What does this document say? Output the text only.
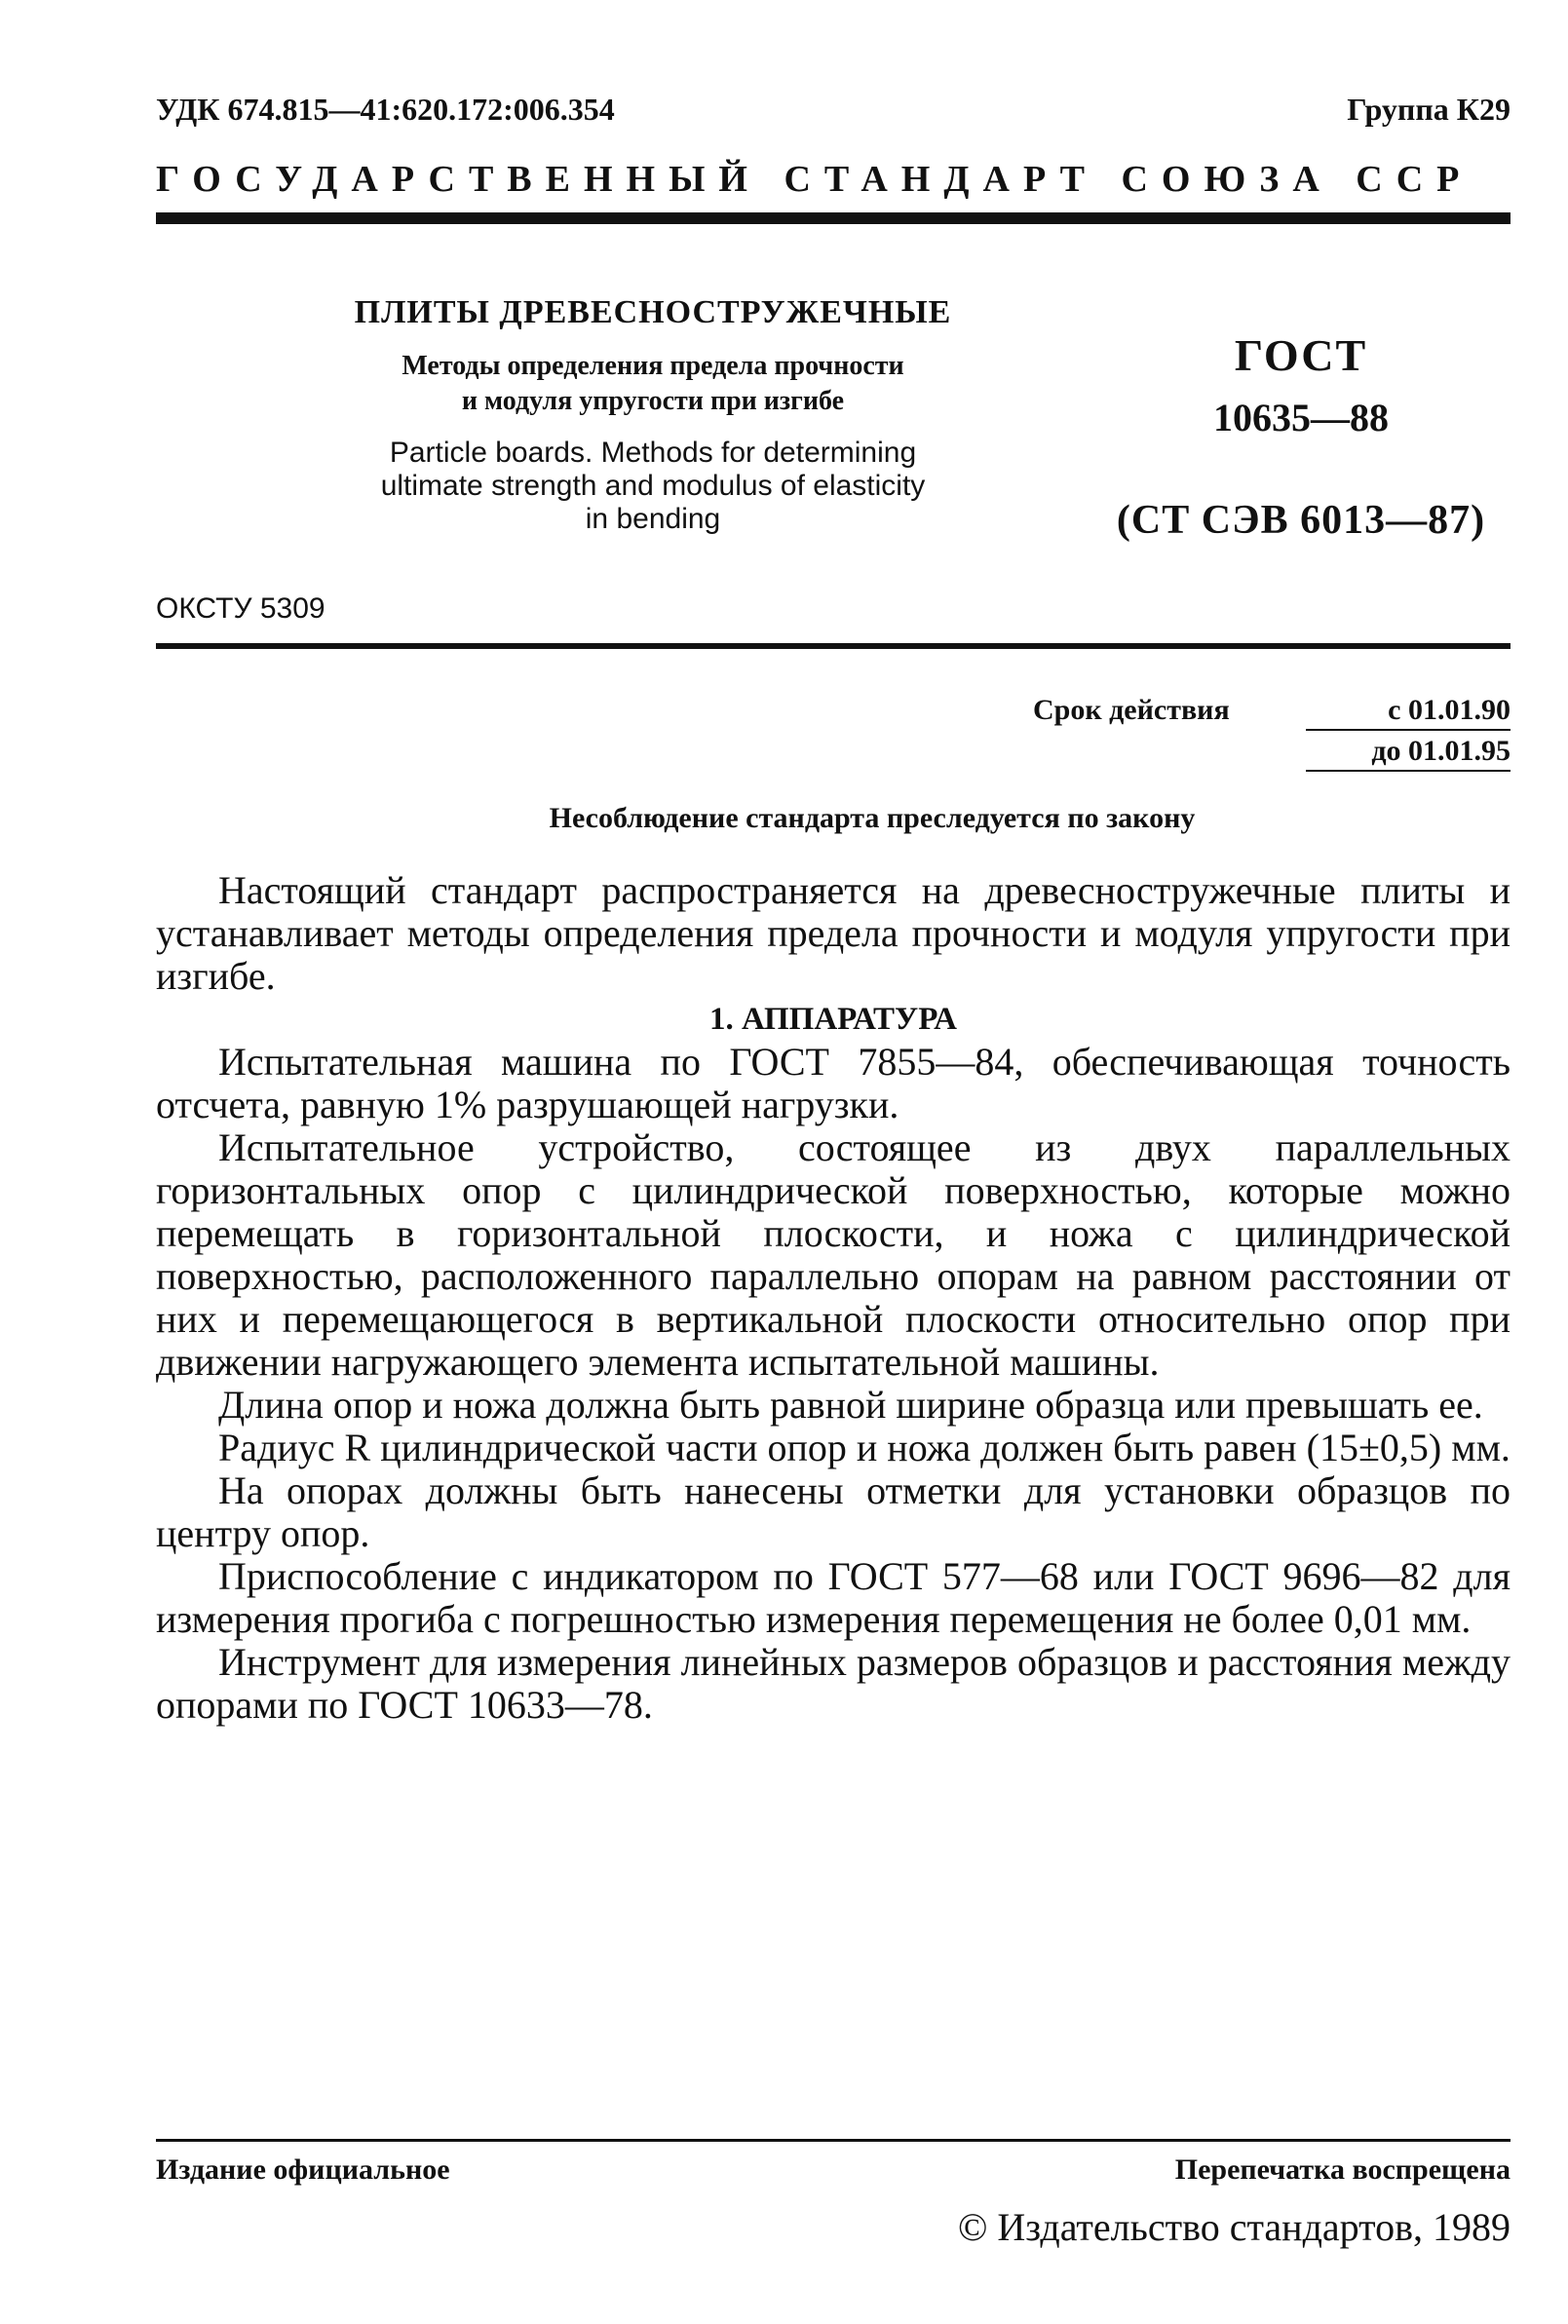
УДК 674.815—41:620.172:006.354	Группа К29
ГОСУДАРСТВЕННЫЙ СТАНДАРТ СОЮЗА ССР
ПЛИТЫ ДРЕВЕСНОСТРУЖЕЧНЫЕ
Методы определения предела прочности
и модуля упругости при изгибе
Particle boards. Methods for determining
ultimate strength and modulus of elasticity
in bending
ГОСТ
10635—88
(СТ СЭВ 6013—87)
ОКСТУ 5309
Срок действия	с 01.01.90
до 01.01.95
Несоблюдение стандарта преследуется по закону

Настоящий стандарт распространяется на древесностружечные плиты и устанавливает методы определения предела прочности и модуля упругости при изгибе.

1. АППАРАТУРА

Испытательная машина по ГОСТ 7855—84, обеспечивающая точность отсчета, равную 1% разрушающей нагрузки.

Испытательное устройство, состоящее из двух параллельных горизонтальных опор с цилиндрической поверхностью, которые можно перемещать в горизонтальной плоскости, и ножа с цилиндрической поверхностью, расположенного параллельно опорам на равном расстоянии от них и перемещающегося в вертикальной плоскости относительно опор при движении нагружающего элемента испытательной машины.

Длина опор и ножа должна быть равной ширине образца или превышать ее.

Радиус R цилиндрической части опор и ножа должен быть равен (15±0,5) мм.

На опорах должны быть нанесены отметки для установки образцов по центру опор.

Приспособление с индикатором по ГОСТ 577—68 или ГОСТ 9696—82 для измерения прогиба с погрешностью измерения перемещения не более 0,01 мм.

Инструмент для измерения линейных размеров образцов и расстояния между опорами по ГОСТ 10633—78.

Издание официальное	Перепечатка воспрещена
© Издательство стандартов, 1989
